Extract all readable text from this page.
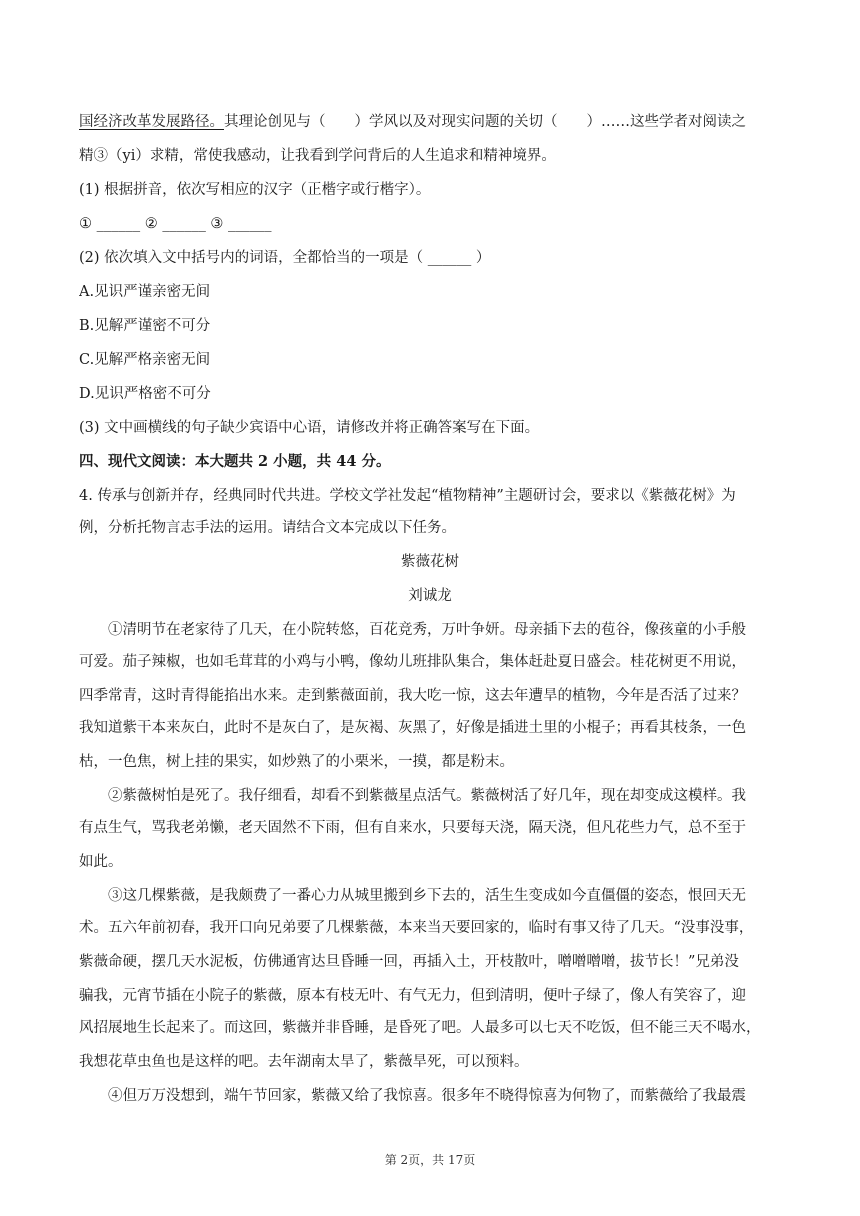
国经济改革发展路径。其理论创见与（　　）学风以及对现实问题的关切（　　）……这些学者对阅读之
精③（yi）求精，常使我感动，让我看到学问背后的人生追求和精神境界。
(1) 根据拼音，依次写相应的汉字（正楷字或行楷字）。
① ______ ② ______ ③ ______
(2) 依次填入文中括号内的词语，全都恰当的一项是（ ______ ）
A.见识严谨亲密无间
B.见解严谨密不可分
C.见解严格亲密无间
D.见识严格密不可分
(3) 文中画横线的句子缺少宾语中心语，请修改并将正确答案写在下面。
四、现代文阅读：本大题共 2 小题，共 44 分。
4. 传承与创新并存，经典同时代共进。学校文学社发起“植物精神”主题研讨会，要求以《紫薇花树》为
例，分析托物言志手法的运用。请结合文本完成以下任务。
紫薇花树
刘诚龙
　　①清明节在老家待了几天，在小院转悠，百花竞秀，万叶争妍。母亲插下去的苞谷，像孩童的小手般
可爱。茄子辣椒，也如毛茸茸的小鸡与小鸭，像幼儿班排队集合，集体赶赴夏日盛会。桂花树更不用说，
四季常青，这时青得能掐出水来。走到紫薇面前，我大吃一惊，这去年遭旱的植物，今年是否活了过来？
我知道紫干本来灰白，此时不是灰白了，是灰褐、灰黑了，好像是插进土里的小棍子；再看其枝条，一色
枯，一色焦，树上挂的果实，如炒熟了的小栗米，一摸，都是粉末。
　　②紫薇树怕是死了。我仔细看，却看不到紫薇星点活气。紫薇树活了好几年，现在却变成这模样。我
有点生气，骂我老弟懒，老天固然不下雨，但有自来水，只要每天浇，隔天浇，但凡花些力气，总不至于
如此。
　　③这几棵紫薇，是我颇费了一番心力从城里搬到乡下去的，活生生变成如今直僵僵的姿态，恨回天无
术。五六年前初春，我开口向兄弟要了几棵紫薇，本来当天要回家的，临时有事又待了几天。“没事没事，
紫薇命硬，摆几天水泥板，仿佛通宵达旦昏睡一回，再插入土，开枝散叶，噌噌噌噌，拔节长！”兄弟没
骗我，元宵节插在小院子的紫薇，原本有枝无叶、有气无力，但到清明，便叶子绿了，像人有笑容了，迎
风招展地生长起来了。而这回，紫薇并非昏睡，是昏死了吧。人最多可以七天不吃饭，但不能三天不喝水，
我想花草虫鱼也是这样的吧。去年湖南太旱了，紫薇旱死，可以预料。
　　④但万万没想到，端午节回家，紫薇又给了我惊喜。很多年不晓得惊喜为何物了，而紫薇给了我最震
第 2页，共 17页
